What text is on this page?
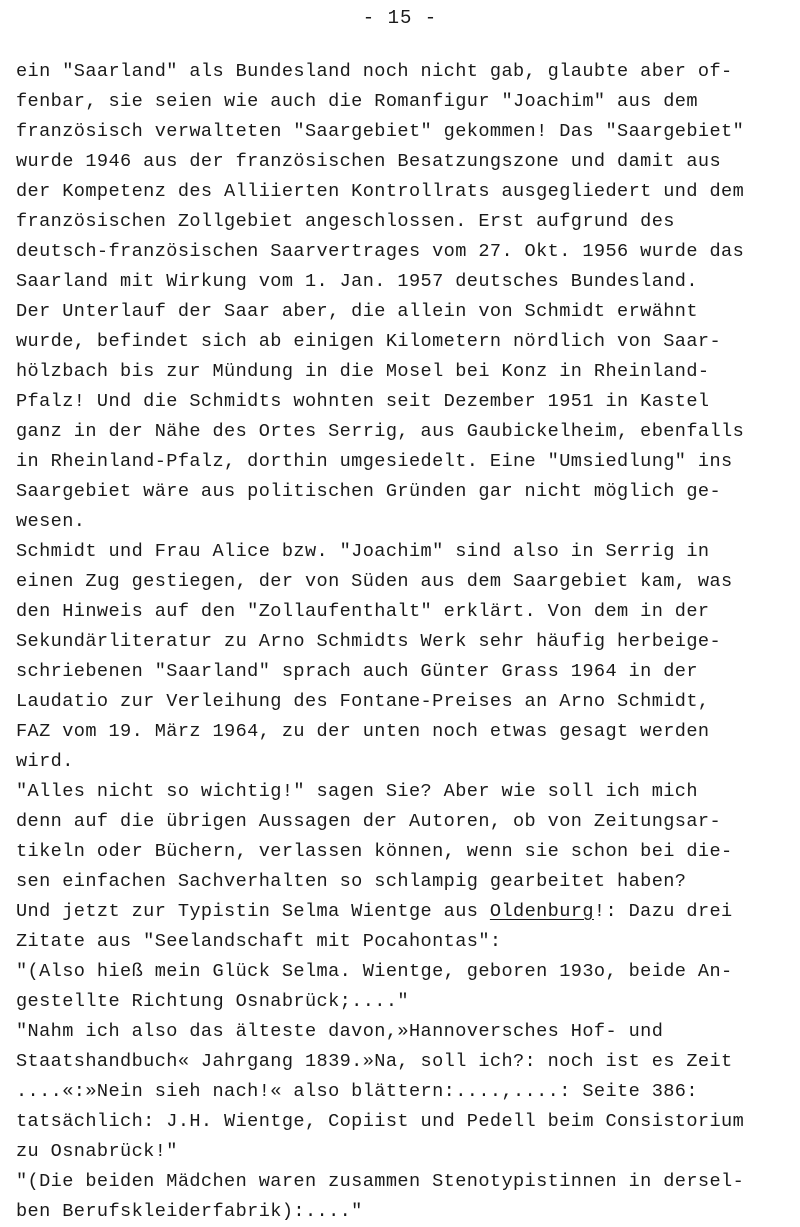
- 15 -
ein "Saarland" als Bundesland noch nicht gab, glaubte aber of-
fenbar, sie seien wie auch die Romanfigur "Joachim" aus dem
französisch verwalteten "Saargebiet" gekommen! Das "Saargebiet"
wurde 1946 aus der französischen Besatzungszone und damit aus
der Kompetenz des Alliierten Kontrollrats ausgegliedert und dem
französischen Zollgebiet angeschlossen. Erst aufgrund des
deutsch-französischen Saarvertrages vom 27. Okt. 1956 wurde das
Saarland mit Wirkung vom 1. Jan. 1957 deutsches Bundesland.
Der Unterlauf der Saar aber, die allein von Schmidt erwähnt
wurde, befindet sich ab einigen Kilometern nördlich von Saar-
hölzbach bis zur Mündung in die Mosel bei Konz in Rheinland-
Pfalz! Und die Schmidts wohnten seit Dezember 1951 in Kastel
ganz in der Nähe des Ortes Serrig, aus Gaubickelheim, ebenfalls
in Rheinland-Pfalz, dorthin umgesiedelt. Eine "Umsiedlung" ins
Saargebiet wäre aus politischen Gründen gar nicht möglich ge-
wesen.
Schmidt und Frau Alice bzw. "Joachim" sind also in Serrig in
einen Zug gestiegen, der von Süden aus dem Saargebiet kam, was
den Hinweis auf den "Zollaufenthalt" erklärt. Von dem in der
Sekundärliteratur zu Arno Schmidts Werk sehr häufig herbeige-
schriebenen "Saarland" sprach auch Günter Grass 1964 in der
Laudatio zur Verleihung des Fontane-Preises an Arno Schmidt,
FAZ vom 19. März 1964, zu der unten noch etwas gesagt werden
wird.
"Alles nicht so wichtig!" sagen Sie? Aber wie soll ich mich
denn auf die übrigen Aussagen der Autoren, ob von Zeitungsar-
tikeln oder Büchern, verlassen können, wenn sie schon bei die-
sen einfachen Sachverhalten so schlampig gearbeitet haben?
Und jetzt zur Typistin Selma Wientge aus Oldenburg!: Dazu drei
Zitate aus "Seelandschaft mit Pocahontas":
"(Also hieß mein Glück Selma. Wientge, geboren 193o, beide An-
gestellte Richtung Osnabrück;...."
"Nahm ich also das älteste davon,»Hannoversches Hof- und
Staatshandbuch« Jahrgang 1839.»Na, soll ich?: noch ist es Zeit
....«:»Nein sieh nach!« also blättern:....,....: Seite 386:
tatsächlich: J.H. Wientge, Copiist und Pedell beim Consistorium
zu Osnabrück!"
"(Die beiden Mädchen waren zusammen Stenotypistinnen in dersel-
ben Berufskleiderfabrik):...."
